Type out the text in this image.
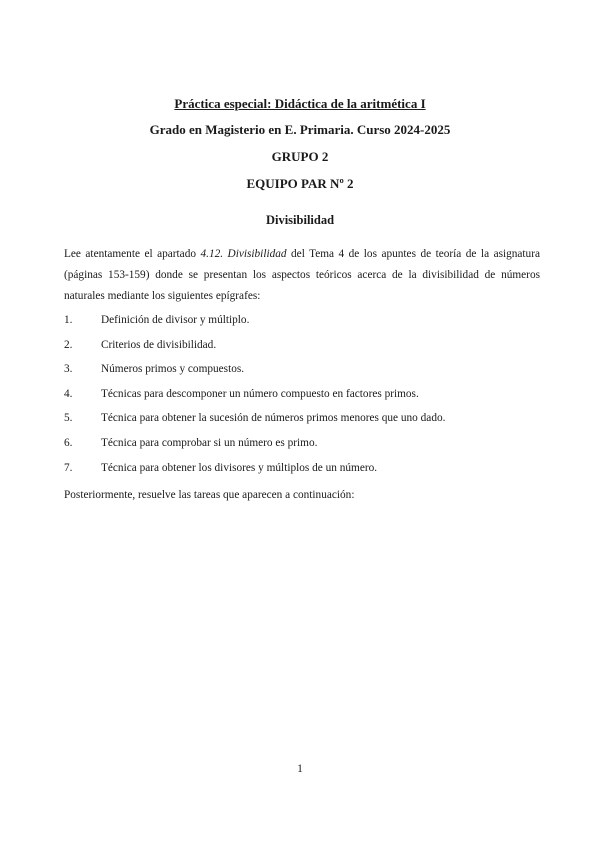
Práctica especial: Didáctica de la aritmética I
Grado en Magisterio en E. Primaria. Curso 2024-2025
GRUPO 2
EQUIPO PAR Nº 2
Divisibilidad
Lee atentamente el apartado 4.12. Divisibilidad del Tema 4 de los apuntes de teoría de la asignatura (páginas 153-159) donde se presentan los aspectos teóricos acerca de la divisibilidad de números naturales mediante los siguientes epígrafes:
1.	Definición de divisor y múltiplo.
2.	Criterios de divisibilidad.
3.	Números primos y compuestos.
4.	Técnicas para descomponer un número compuesto en factores primos.
5.	Técnica para obtener la sucesión de números primos menores que uno dado.
6.	Técnica para comprobar si un número es primo.
7.	Técnica para obtener los divisores y múltiplos de un número.
Posteriormente, resuelve las tareas que aparecen a continuación:
1
